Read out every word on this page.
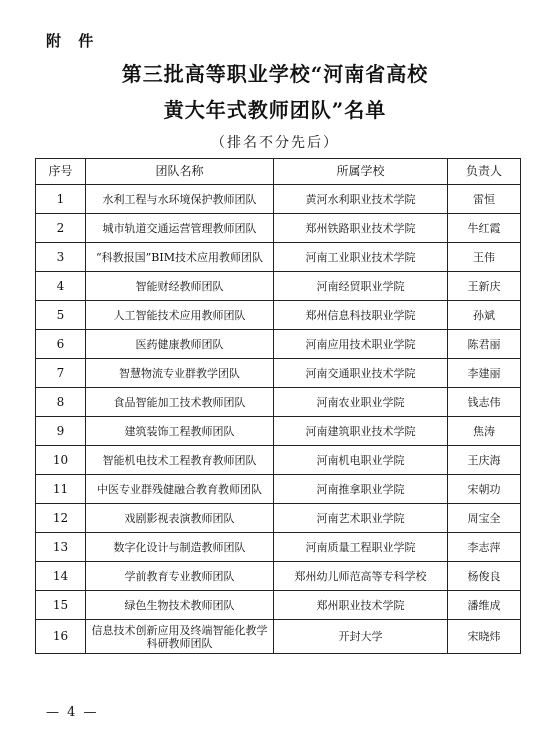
附 件
第三批高等职业学校“河南省高校
黄大年式教师团队”名单
（排名不分先后）
序号	团队名称	所属学校	负责人
1	水利工程与水环境保护教师团队	黄河水利职业技术学院	雷恒
2	城市轨道交通运营管理教师团队	郑州铁路职业技术学院	牛红霞
3	“科教报国”BIM技术应用教师团队	河南工业职业技术学院	王伟
4	智能财经教师团队	河南经贸职业学院	王新庆
5	人工智能技术应用教师团队	郑州信息科技职业学院	孙斌
6	医药健康教师团队	河南应用技术职业学院	陈君丽
7	智慧物流专业群教学团队	河南交通职业技术学院	李建丽
8	食品智能加工技术教师团队	河南农业职业学院	钱志伟
9	建筑装饰工程教师团队	河南建筑职业技术学院	焦涛
10	智能机电技术工程教育教师团队	河南机电职业学院	王庆海
11	中医专业群残健融合教育教师团队	河南推拿职业学院	宋朝功
12	戏剧影视表演教师团队	河南艺术职业学院	周宝全
13	数字化设计与制造教师团队	河南质量工程职业学院	李志萍
14	学前教育专业教师团队	郑州幼儿师范高等专科学校	杨俊良
15	绿色生物技术教师团队	郑州职业技术学院	潘维成
16	信息技术创新应用及终端智能化教学科研教师团队	开封大学	宋晓炜
— 4 —
